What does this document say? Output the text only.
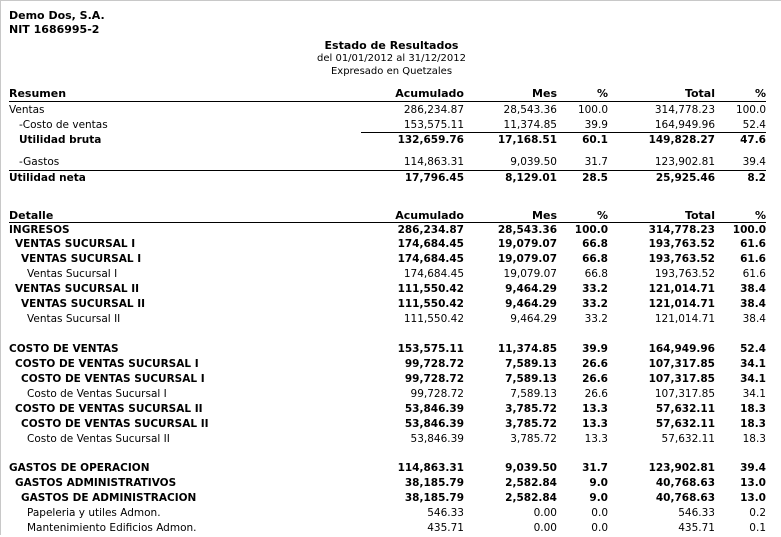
Demo Dos, S.A.
NIT 1686995-2
Estado de Resultados
del 01/01/2012 al 31/12/2012
Expresado en Quetzales
Resumen	Acumulado	Mes	%	Total	%
Ventas	286,234.87	28,543.36 100.0	314,778.23 100.0
-Costo de ventas	153,575.11	11,374.85	39.9	164,949.96	52.4
Utilidad bruta	132,659.76	17,168.51 60.1	149,828.27 47.6
-Gastos	114,863.31	9,039.50	31.7	123,902.81	39.4
Utilidad neta	17,796.45	8,129.01 28.5	25,925.46	8.2
Detalle	Acumulado	Mes	%	Total	%
INGRESOS	286,234.87	28,543.36 100.0	314,778.23 100.0
VENTAS SUCURSAL I	174,684.45	19,079.07 66.8	193,763.52 61.6
VENTAS SUCURSAL I	174,684.45	19,079.07 66.8	193,763.52 61.6
Ventas Sucursal I	174,684.45	19,079.07	66.8	193,763.52	61.6
VENTAS SUCURSAL II	111,550.42	9,464.29 33.2	121,014.71 38.4
VENTAS SUCURSAL II	111,550.42	9,464.29 33.2	121,014.71 38.4
Ventas Sucursal II	111,550.42	9,464.29	33.2	121,014.71	38.4
COSTO DE VENTAS	153,575.11	11,374.85 39.9	164,949.96 52.4
COSTO DE VENTAS SUCURSAL I	99,728.72	7,589.13 26.6	107,317.85 34.1
COSTO DE VENTAS SUCURSAL I	99,728.72	7,589.13 26.6	107,317.85 34.1
Costo de Ventas Sucursal I	99,728.72	7,589.13	26.6	107,317.85	34.1
COSTO DE VENTAS SUCURSAL II	53,846.39	3,785.72 13.3	57,632.11 18.3
COSTO DE VENTAS SUCURSAL II	53,846.39	3,785.72 13.3	57,632.11 18.3
Costo de Ventas Sucursal II	53,846.39	3,785.72	13.3	57,632.11	18.3
GASTOS DE OPERACION	114,863.31	9,039.50 31.7	123,902.81 39.4
GASTOS ADMINISTRATIVOS	38,185.79	2,582.84	9.0	40,768.63 13.0
GASTOS DE ADMINISTRACION	38,185.79	2,582.84	9.0	40,768.63 13.0
Papeleria y utiles Admon.	546.33	0.00	0.0	546.33	0.2
Mantenimiento Edificios Admon.	435.71	0.00	0.0	435.71	0.1
